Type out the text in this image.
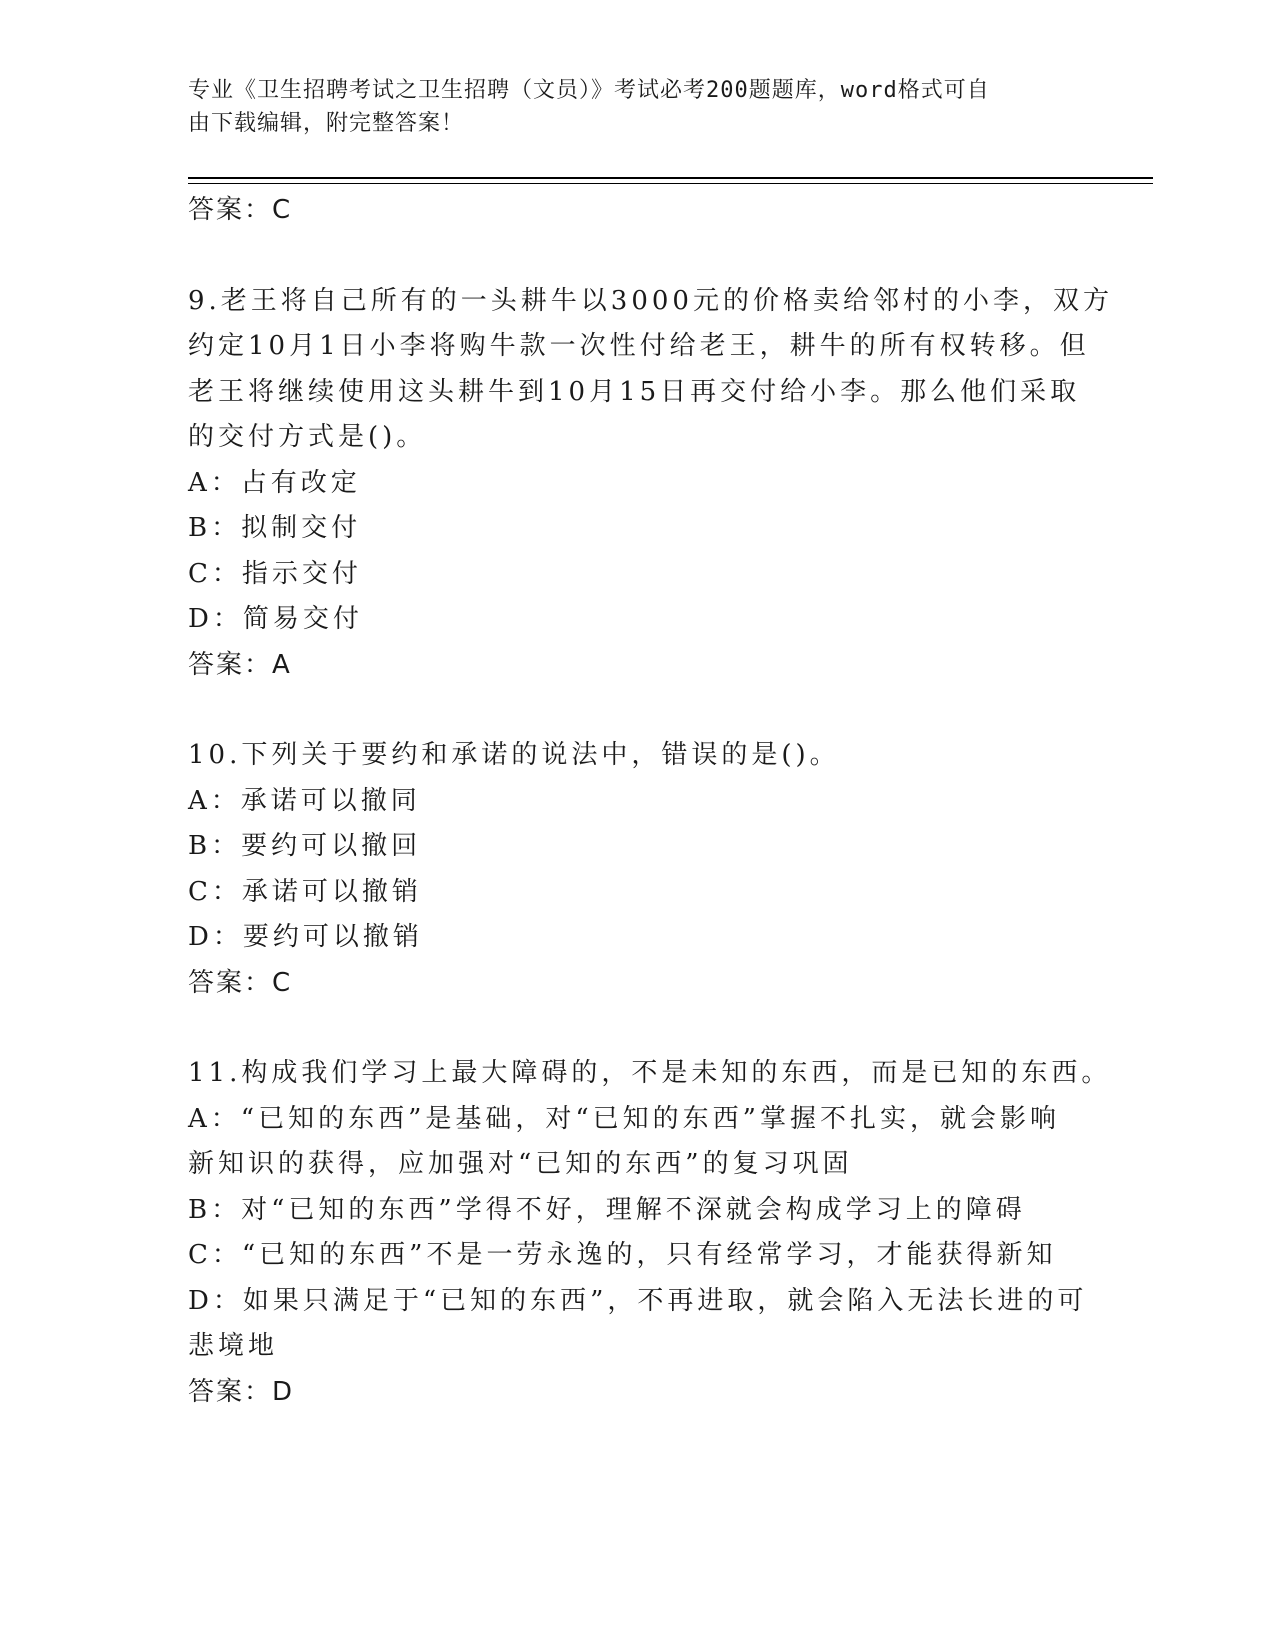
专业《卫生招聘考试之卫生招聘（文员）》考试必考200题题库，word格式可自
由下载编辑，附完整答案！
答案：C
9.老王将自己所有的一头耕牛以3000元的价格卖给邻村的小李，双方
约定10月1日小李将购牛款一次性付给老王，耕牛的所有权转移。但
老王将继续使用这头耕牛到10月15日再交付给小李。那么他们采取
的交付方式是()。
A：占有改定
B：拟制交付
C：指示交付
D：简易交付
答案：A
10.下列关于要约和承诺的说法中，错误的是()。
A：承诺可以撤同
B：要约可以撤回
C：承诺可以撤销
D：要约可以撤销
答案：C
11.构成我们学习上最大障碍的，不是未知的东西，而是已知的东西。
A：“已知的东西”是基础，对“已知的东西”掌握不扎实，就会影响
新知识的获得，应加强对“已知的东西”的复习巩固
B：对“已知的东西”学得不好，理解不深就会构成学习上的障碍
C：“已知的东西”不是一劳永逸的，只有经常学习，才能获得新知
D：如果只满足于“已知的东西”，不再进取，就会陷入无法长进的可
悲境地
答案：D
